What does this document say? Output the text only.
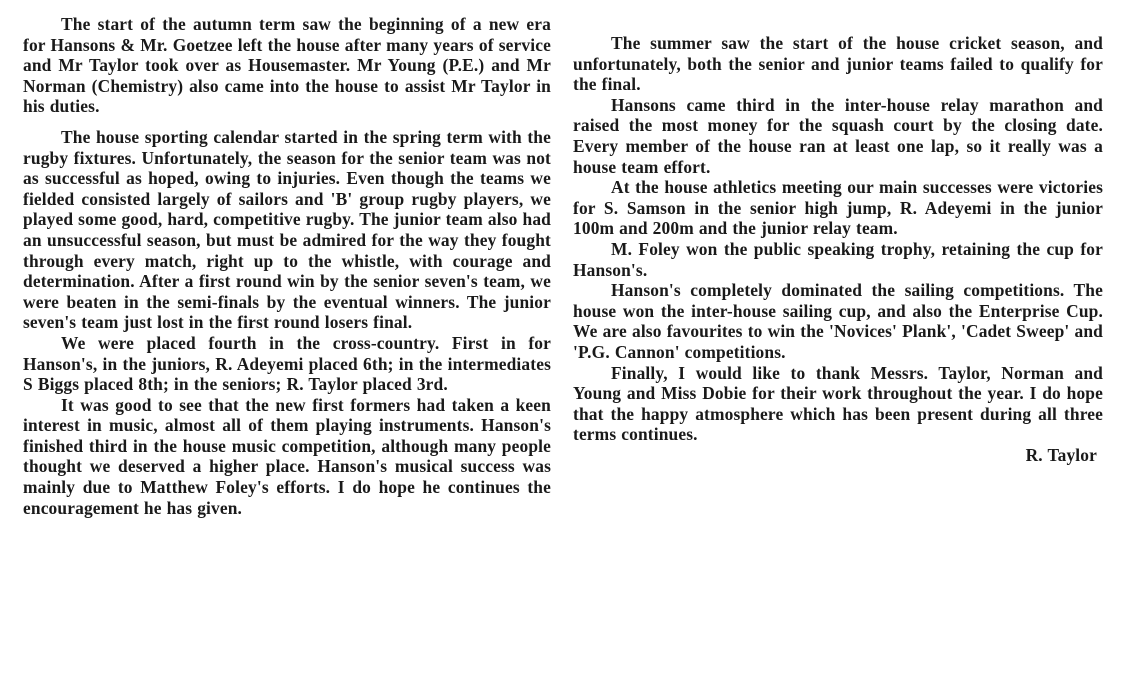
The start of the autumn term saw the beginning of a new era for Hansons & Mr. Goetzee left the house after many years of service and Mr Taylor took over as Housemaster. Mr Young (P.E.) and Mr Norman (Chemistry) also came into the house to assist Mr Taylor in his duties.

The house sporting calendar started in the spring term with the rugby fixtures. Unfortunately, the season for the senior team was not as successful as hoped, owing to injuries. Even though the teams we fielded consisted largely of sailors and 'B' group rugby players, we played some good, hard, competitive rugby. The junior team also had an unsuccessful season, but must be admired for the way they fought through every match, right up to the whistle, with courage and determination. After a first round win by the senior seven's team, we were beaten in the semi-finals by the eventual winners. The junior seven's team just lost in the first round losers final.

We were placed fourth in the cross-country. First in for Hanson's, in the juniors, R. Adeyemi placed 6th; in the intermediates S Biggs placed 8th; in the seniors; R. Taylor placed 3rd.

It was good to see that the new first formers had taken a keen interest in music, almost all of them playing instruments. Hanson's finished third in the house music competition, although many people thought we deserved a higher place. Hanson's musical success was mainly due to Matthew Foley's efforts. I do hope he continues the encouragement he has given.

The summer saw the start of the house cricket season, and unfortunately, both the senior and junior teams failed to qualify for the final.

Hansons came third in the inter-house relay marathon and raised the most money for the squash court by the closing date. Every member of the house ran at least one lap, so it really was a house team effort.

At the house athletics meeting our main successes were victories for S. Samson in the senior high jump, R. Adeyemi in the junior 100m and 200m and the junior relay team.

M. Foley won the public speaking trophy, retaining the cup for Hanson's.

Hanson's completely dominated the sailing competitions. The house won the inter-house sailing cup, and also the Enterprise Cup. We are also favourites to win the 'Novices' Plank', 'Cadet Sweep' and 'P.G. Cannon' competitions.

Finally, I would like to thank Messrs. Taylor, Norman and Young and Miss Dobie for their work throughout the year. I do hope that the happy atmosphere which has been present during all three terms continues.

R. Taylor
